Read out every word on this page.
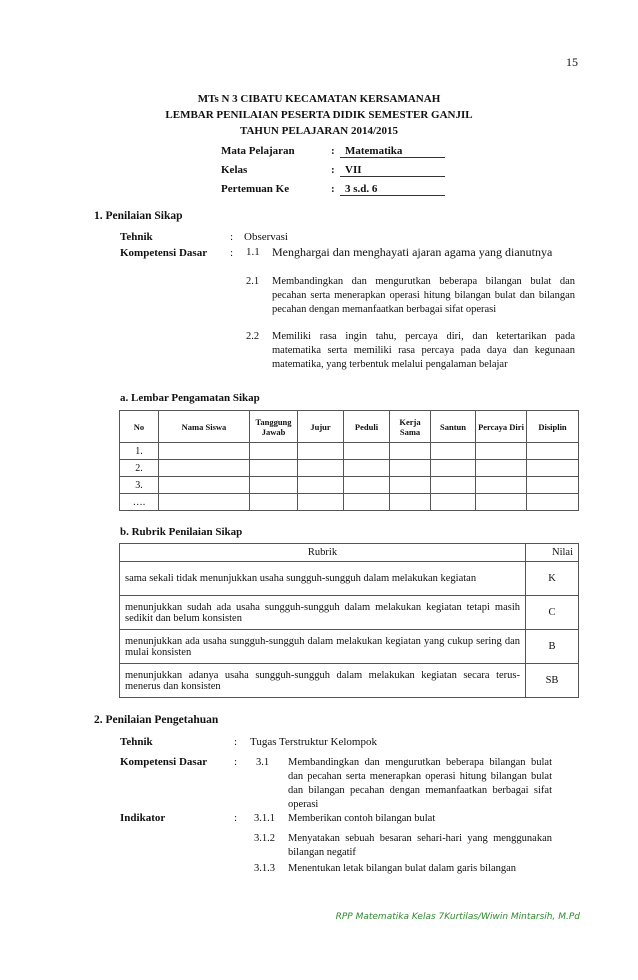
15
MTs N 3 CIBATU KECAMATAN KERSAMANAH
LEMBAR PENILAIAN PESERTA DIDIK SEMESTER GANJIL
TAHUN PELAJARAN 2014/2015
Mata Pelajaran	: Matematika
Kelas	: VII
Pertemuan Ke	: 3 s.d. 6
1. Penilaian Sikap
Tehnik	: Observasi
Kompetensi Dasar : 1.1 Menghargai dan menghayati ajaran agama yang dianutnya
2.1 Membandingkan dan mengurutkan beberapa bilangan bulat dan pecahan serta menerapkan operasi hitung bilangan bulat dan bilangan pecahan dengan memanfaatkan berbagai sifat operasi
2.2 Memiliki rasa ingin tahu, percaya diri, dan ketertarikan pada matematika serta memiliki rasa percaya pada daya dan kegunaan matematika, yang terbentuk melalui pengalaman belajar
a. Lembar Pengamatan Sikap
No	Nama Siswa	Tanggung Jawab	Jujur	Peduli	Kerja Sama	Santun	Percaya Diri	Disiplin
1.								
2.								
3.								
….								
b. Rubrik Penilaian Sikap
Rubrik	Nilai
sama sekali tidak menunjukkan usaha sungguh-sungguh dalam melakukan kegiatan	K
menunjukkan sudah ada usaha sungguh-sungguh dalam melakukan kegiatan tetapi masih sedikit dan belum konsisten	C
menunjukkan ada usaha sungguh-sungguh dalam melakukan kegiatan yang cukup sering dan mulai konsisten	B
menunjukkan adanya usaha sungguh-sungguh dalam melakukan kegiatan secara terus-menerus dan konsisten	SB
2. Penilaian Pengetahuan
Tehnik	: Tugas Terstruktur Kelompok
Kompetensi Dasar : 3.1 Membandingkan dan mengurutkan beberapa bilangan bulat dan pecahan serta menerapkan operasi hitung bilangan bulat dan bilangan pecahan dengan memanfaatkan berbagai sifat operasi
Indikator	: 3.1.1 Memberikan contoh bilangan bulat
3.1.2 Menyatakan sebuah besaran sehari-hari yang menggunakan bilangan negatif
3.1.3 Menentukan letak bilangan bulat dalam garis bilangan
RPP Matematika Kelas 7Kurtilas/Wiwin Mintarsih, M.Pd
